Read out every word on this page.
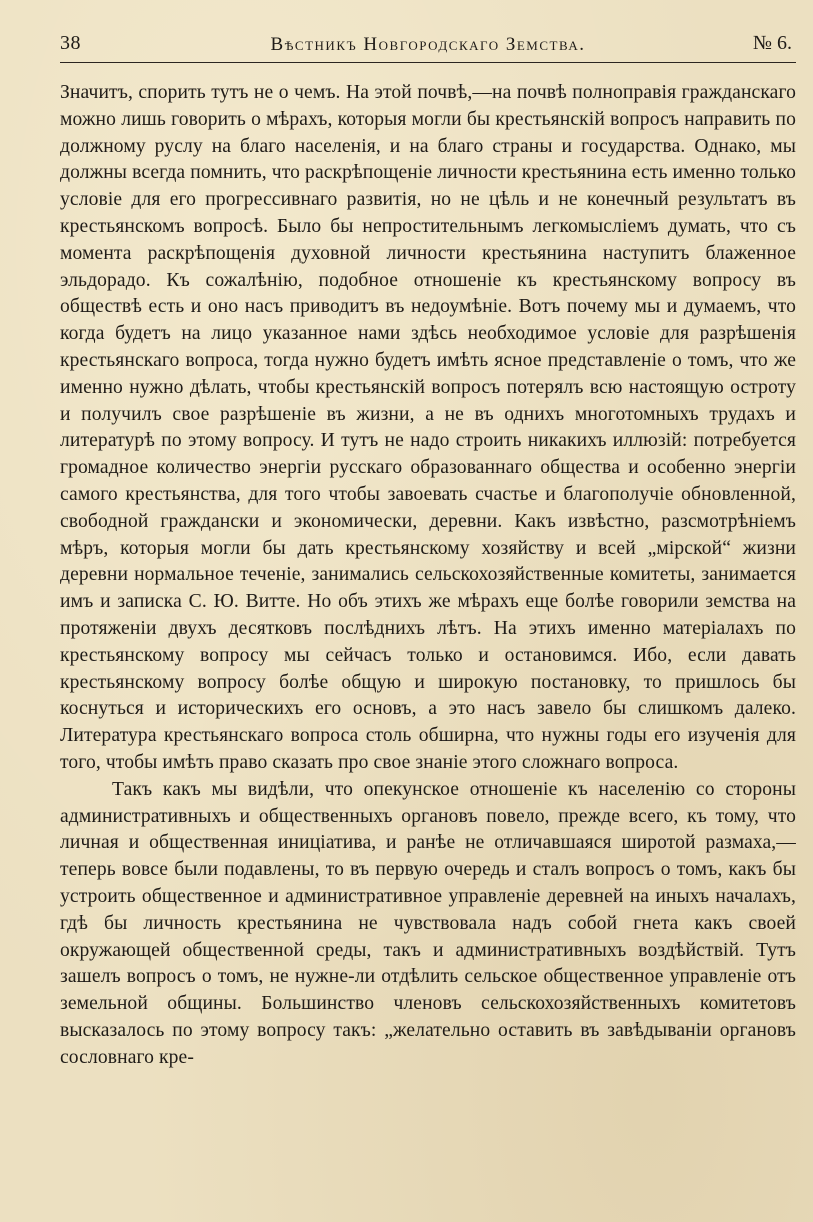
38	Вѣстникъ Новгородскаго Земства.	№ 6.

Значитъ, спорить тутъ не о чемъ. На этой почвѣ,—на почвѣ полноправія гражданскаго можно лишь говорить о мѣрахъ, которыя могли бы крестьянскій вопросъ направить по должному руслу на благо населенія, и на благо страны и государства. Однако, мы должны всегда помнить, что раскрѣпощеніе личности крестьянина есть именно только условіе для его прогрессивнаго развитія, но не цѣль и не конечный результатъ въ крестьянскомъ вопросѣ. Было бы непростительнымъ легкомысліемъ думать, что съ момента раскрѣпощенія духовной личности крестьянина наступитъ блаженное эльдорадо. Къ сожалѣнію, подобное отношеніе къ крестьянскому вопросу въ обществѣ есть и оно насъ приводитъ въ недоумѣніе. Вотъ почему мы и думаемъ, что когда будетъ на лицо указанное нами здѣсь необходимое условіе для разрѣшенія крестьянскаго вопроса, тогда нужно будетъ имѣть ясное представленіе о томъ, что же именно нужно дѣлать, чтобы крестьянскій вопросъ потерялъ всю настоящую остроту и получилъ свое разрѣшеніе въ жизни, а не въ однихъ многотомныхъ трудахъ и литературѣ по этому вопросу. И тутъ не надо строить никакихъ иллюзій: потребуется громадное количество энергіи русскаго образованнаго общества и особенно энергіи самого крестьянства, для того чтобы завоевать счастье и благополучіе обновленной, свободной граждански и экономически, деревни. Какъ извѣстно, разсмотрѣніемъ мѣръ, которыя могли бы дать крестьянскому хозяйству и всей „мірской“ жизни деревни нормальное теченіе, занимались сельскохозяйственные комитеты, занимается имъ и записка С. Ю. Витте. Но объ этихъ же мѣрахъ еще болѣе говорили земства на протяженіи двухъ десятковъ послѣднихъ лѣтъ. На этихъ именно матеріалахъ по крестьянскому вопросу мы сейчасъ только и остановимся. Ибо, если давать крестьянскому вопросу болѣе общую и широкую постановку, то пришлось бы коснуться и историческихъ его основъ, а это насъ завело бы слишкомъ далеко. Литература крестьянскаго вопроса столь обширна, что нужны годы его изученія для того, чтобы имѣть право сказать про свое знаніе этого сложнаго вопроса.

Такъ какъ мы видѣли, что опекунское отношеніе къ населенію со стороны административныхъ и общественныхъ органовъ повело, прежде всего, къ тому, что личная и общественная иниціатива, и ранѣе не отличавшаяся широтой размаха,—теперь вовсе были подавлены, то въ первую очередь и сталъ вопросъ о томъ, какъ бы устроить общественное и административное управленіе деревней на иныхъ началахъ, гдѣ бы личность крестьянина не чувствовала надъ собой гнета какъ своей окружающей общественной среды, такъ и административныхъ воздѣйствій. Тутъ зашелъ вопросъ о томъ, не нужне-ли отдѣлить сельское общественное управленіе отъ земельной общины. Большинство членовъ сельскохозяйственныхъ комитетовъ высказалось по этому вопросу такъ: „желательно оставить въ завѣдываніи органовъ сословнаго кре-
